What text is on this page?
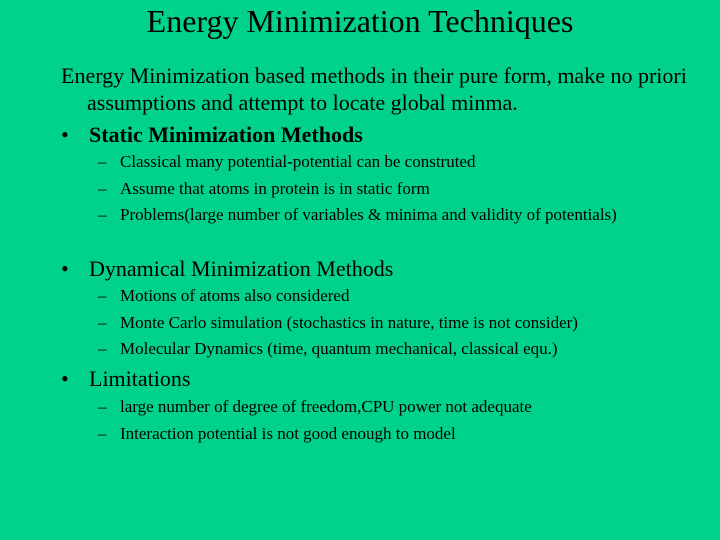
Energy Minimization Techniques

Energy Minimization based methods in their pure form, make no priori assumptions and attempt to locate global minma.

• Static Minimization Methods
– Classical many potential-potential can be construted
– Assume that atoms in protein is in static form
– Problems(large number of variables & minima and validity of potentials)
• Dynamical Minimization Methods
– Motions of atoms also considered
– Monte Carlo simulation (stochastics in nature, time is not consider)
– Molecular Dynamics (time, quantum mechanical, classical equ.)
• Limitations
– large number of degree of freedom,CPU power not adequate
– Interaction potential is not good enough to model
